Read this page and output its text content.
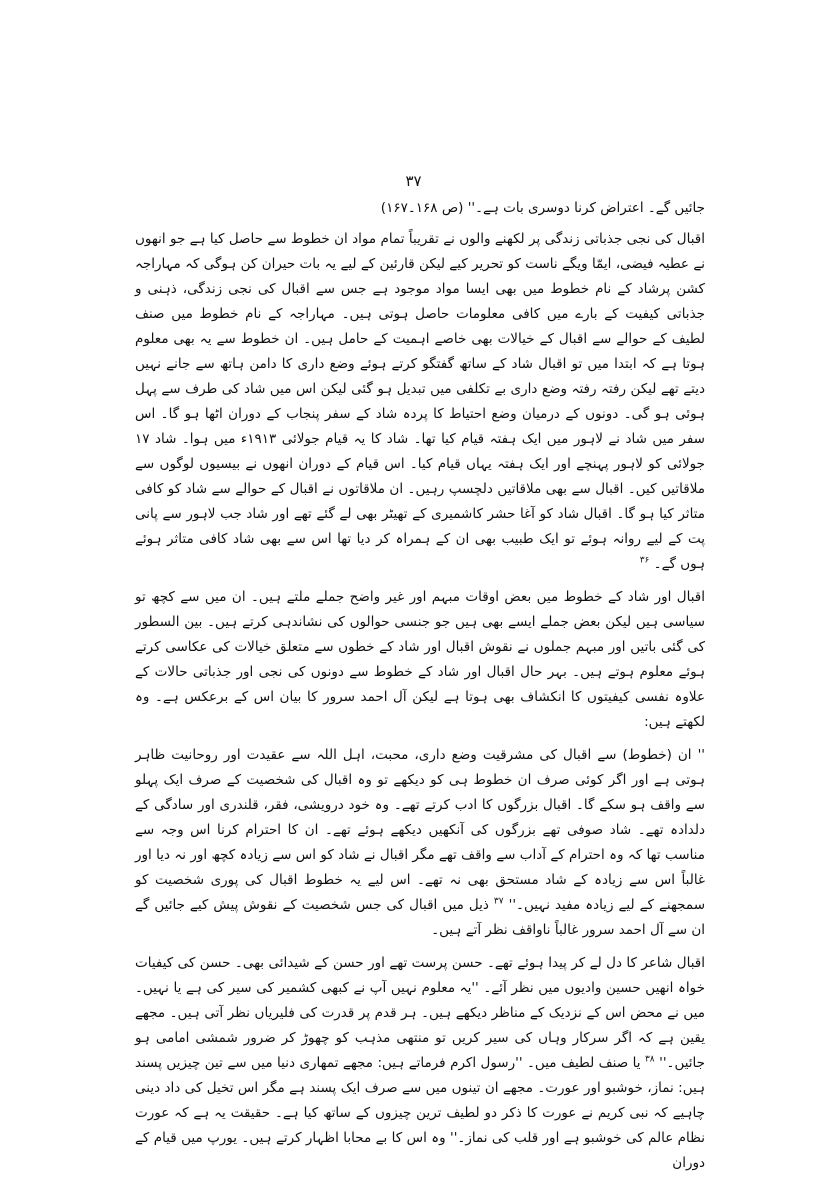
۳۷

جائیں گے۔ اعتراض کرنا دوسری بات ہے۔'' (ص ۱۶۸۔۱۶۷)

اقبال کی نجی جذباتی زندگی پر لکھنے والوں نے تقریباً تمام مواد ان خطوط سے حاصل کیا ہے جو انھوں نے عطیہ فیضی، ایمّا ویگے ناست کو تحریر کیے لیکن قارئین کے لیے یہ بات حیران کن ہوگی کہ مہاراجہ کشن پرشاد کے نام خطوط میں بھی ایسا مواد موجود ہے جس سے اقبال کی نجی زندگی، ذہنی و جذباتی کیفیت کے بارے میں کافی معلومات حاصل ہوتی ہیں۔ مہاراجہ کے نام خطوط میں صنف لطیف کے حوالے سے اقبال کے خیالات بھی خاصے اہمیت کے حامل ہیں۔ ان خطوط سے یہ بھی معلوم ہوتا ہے کہ ابتدا میں تو اقبال شاد کے ساتھ گفتگو کرتے ہوئے وضع داری کا دامن ہاتھ سے جانے نہیں دیتے تھے لیکن رفتہ رفتہ وضع داری بے تکلفی میں تبدیل ہو گئی لیکن اس میں شاد کی طرف سے پہل ہوئی ہو گی۔ دونوں کے درمیان وضع احتیاط کا پردہ شاد کے سفر پنجاب کے دوران اٹھا ہو گا۔ اس سفر میں شاد نے لاہور میں ایک ہفتہ قیام کیا تھا۔ شاد کا یہ قیام جولائی ۱۹۱۳ء میں ہوا۔ شاد ۱۷ جولائی کو لاہور پہنچے اور ایک ہفتہ یہاں قیام کیا۔ اس قیام کے دوران انھوں نے بیسیوں لوگوں سے ملاقاتیں کیں۔ اقبال سے بھی ملاقاتیں دلچسپ رہیں۔ ان ملاقاتوں نے اقبال کے حوالے سے شاد کو کافی متاثر کیا ہو گا۔ اقبال شاد کو آغا حشر کاشمیری کے تھیٹر بھی لے گئے تھے اور شاد جب لاہور سے پانی پت کے لیے روانہ ہوئے تو ایک طبیب بھی ان کے ہمراہ کر دیا تھا اس سے بھی شاد کافی متاثر ہوئے ہوں گے۔ $^{۳۶}$

اقبال اور شاد کے خطوط میں بعض اوقات مبہم اور غیر واضح جملے ملتے ہیں۔ ان میں سے کچھ تو سیاسی ہیں لیکن بعض جملے ایسے بھی ہیں جو جنسی حوالوں کی نشاندہی کرتے ہیں۔ بین السطور کی گئی باتیں اور مبہم جملوں نے نقوش اقبال اور شاد کے خطوں سے متعلق خیالات کی عکاسی کرتے ہوئے معلوم ہوتے ہیں۔ بہر حال اقبال اور شاد کے خطوط سے دونوں کی نجی اور جذباتی حالات کے علاوہ نفسی کیفیتوں کا انکشاف بھی ہوتا ہے لیکن آل احمد سرور کا بیان اس کے برعکس ہے۔ وہ لکھتے ہیں:

'' ان (خطوط) سے اقبال کی مشرقیت وضع داری، محبت، اہل اللہ سے عقیدت اور روحانیت ظاہر ہوتی ہے اور اگر کوئی صرف ان خطوط ہی کو دیکھے تو وہ اقبال کی شخصیت کے صرف ایک پہلو سے واقف ہو سکے گا۔ اقبال بزرگوں کا ادب کرتے تھے۔ وہ خود درویشی، فقر، قلندری اور سادگی کے دلدادہ تھے۔ شاد صوفی تھے بزرگوں کی آنکھیں دیکھے ہوئے تھے۔ ان کا احترام کرنا اس وجہ سے مناسب تھا کہ وہ احترام کے آداب سے واقف تھے مگر اقبال نے شاد کو اس سے زیادہ کچھ اور نہ دیا اور غالباً اس سے زیادہ کے شاد مستحق بھی نہ تھے۔ اس لیے یہ خطوط اقبال کی پوری شخصیت کو سمجھنے کے لیے زیادہ مفید نہیں۔'' $^{۳۷}$ ذیل میں اقبال کی جس شخصیت کے نقوش پیش کیے جائیں گے ان سے آل احمد سرور غالباً ناواقف نظر آتے ہیں۔

اقبال شاعر کا دل لے کر پیدا ہوئے تھے۔ حسن پرست تھے اور حسن کے شیدائی بھی۔ حسن کی کیفیات خواہ انھیں حسین وادیوں میں نظر آئے۔ ''یہ معلوم نہیں آپ نے کبھی کشمیر کی سیر کی ہے یا نہیں۔ میں نے محض اس کے نزدیک کے مناظر دیکھے ہیں۔ ہر قدم پر قدرت کی فلیریاں نظر آتی ہیں۔ مجھے یقین ہے کہ اگر سرکار وہاں کی سیر کریں تو منتھی مذہب کو چھوڑ کر ضرور شمشی امامی ہو جائیں۔'' $^{۳۸}$ یا صنف لطیف میں۔ ''رسول اکرم فرماتے ہیں: مجھے تمھاری دنیا میں سے تین چیزیں پسند ہیں: نماز، خوشبو اور عورت۔ مجھے ان تینوں میں سے صرف ایک پسند ہے مگر اس تخیل کی داد دینی چاہیے کہ نبی کریم نے عورت کا ذکر دو لطیف ترین چیزوں کے ساتھ کیا ہے۔ حقیقت یہ ہے کہ عورت نظام عالم کی خوشبو ہے اور قلب کی نماز۔'' وہ اس کا بے محابا اظہار کرتے ہیں۔ یورپ میں قیام کے دوران
